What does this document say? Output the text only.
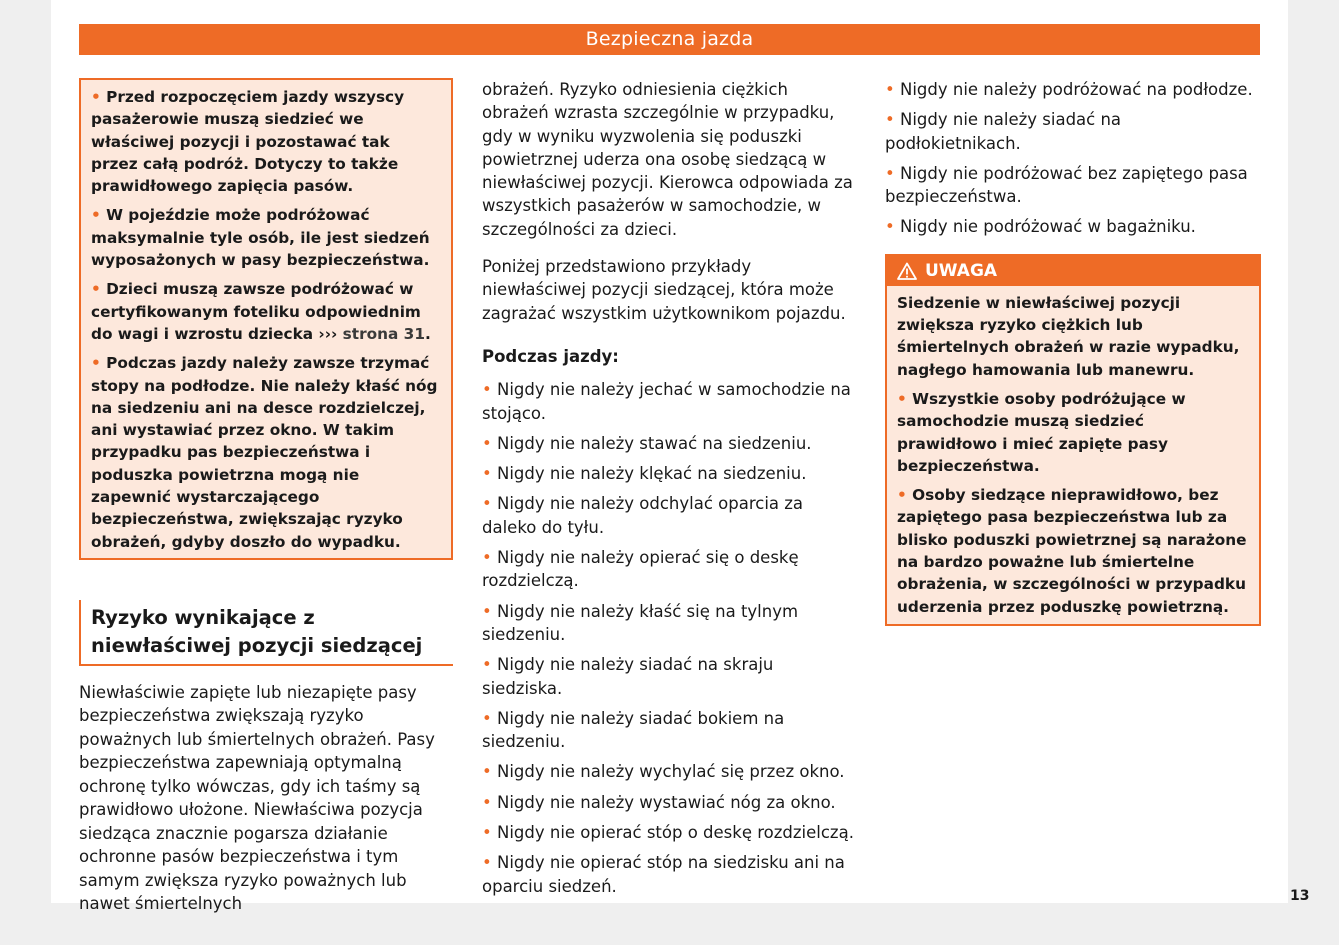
Bezpieczna jazda

• Przed rozpoczęciem jazdy wszyscy pasażerowie muszą siedzieć we właściwej pozycji i pozostawać tak przez całą podróż. Dotyczy to także prawidłowego zapięcia pasów.

• W pojeździe może podróżować maksymalnie tyle osób, ile jest siedzeń wyposażonych w pasy bezpieczeństwa.

• Dzieci muszą zawsze podróżować w certyfikowanym foteliku odpowiednim do wagi i wzrostu dziecka ››› strona 31.

• Podczas jazdy należy zawsze trzymać stopy na podłodze. Nie należy kłaść nóg na siedzeniu ani na desce rozdzielczej, ani wystawiać przez okno. W takim przypadku pas bezpieczeństwa i poduszka powietrzna mogą nie zapewnić wystarczającego bezpieczeństwa, zwiększając ryzyko obrażeń, gdyby doszło do wypadku.

Ryzyko wynikające z niewłaściwej pozycji siedzącej

Niewłaściwie zapięte lub niezapięte pasy bezpieczeństwa zwiększają ryzyko poważnych lub śmiertelnych obrażeń. Pasy bezpieczeństwa zapewniają optymalną ochronę tylko wówczas, gdy ich taśmy są prawidłowo ułożone. Niewłaściwa pozycja siedząca znacznie pogarsza działanie ochronne pasów bezpieczeństwa i tym samym zwiększa ryzyko poważnych lub nawet śmiertelnych

obrażeń. Ryzyko odniesienia ciężkich obrażeń wzrasta szczególnie w przypadku, gdy w wyniku wyzwolenia się poduszki powietrznej uderza ona osobę siedzącą w niewłaściwej pozycji. Kierowca odpowiada za wszystkich pasażerów w samochodzie, w szczególności za dzieci.

Poniżej przedstawiono przykłady niewłaściwej pozycji siedzącej, która może zagrażać wszystkim użytkownikom pojazdu.

Podczas jazdy:

• Nigdy nie należy jechać w samochodzie na stojąco.

• Nigdy nie należy stawać na siedzeniu.

• Nigdy nie należy klękać na siedzeniu.

• Nigdy nie należy odchylać oparcia za daleko do tyłu.

• Nigdy nie należy opierać się o deskę rozdzielczą.

• Nigdy nie należy kłaść się na tylnym siedzeniu.

• Nigdy nie należy siadać na skraju siedziska.

• Nigdy nie należy siadać bokiem na siedzeniu.

• Nigdy nie należy wychylać się przez okno.

• Nigdy nie należy wystawiać nóg za okno.

• Nigdy nie opierać stóp o deskę rozdzielczą.

• Nigdy nie opierać stóp na siedzisku ani na oparciu siedzeń.

• Nigdy nie należy podróżować na podłodze.

• Nigdy nie należy siadać na podłokietnikach.

• Nigdy nie podróżować bez zapiętego pasa bezpieczeństwa.

• Nigdy nie podróżować w bagażniku.

UWAGA

Siedzenie w niewłaściwej pozycji zwiększa ryzyko ciężkich lub śmiertelnych obrażeń w razie wypadku, nagłego hamowania lub manewru.

• Wszystkie osoby podróżujące w samochodzie muszą siedzieć prawidłowo i mieć zapięte pasy bezpieczeństwa.

• Osoby siedzące nieprawidłowo, bez zapiętego pasa bezpieczeństwa lub za blisko poduszki powietrznej są narażone na bardzo poważne lub śmiertelne obrażenia, w szczególności w przypadku uderzenia przez poduszkę powietrzną.

13
